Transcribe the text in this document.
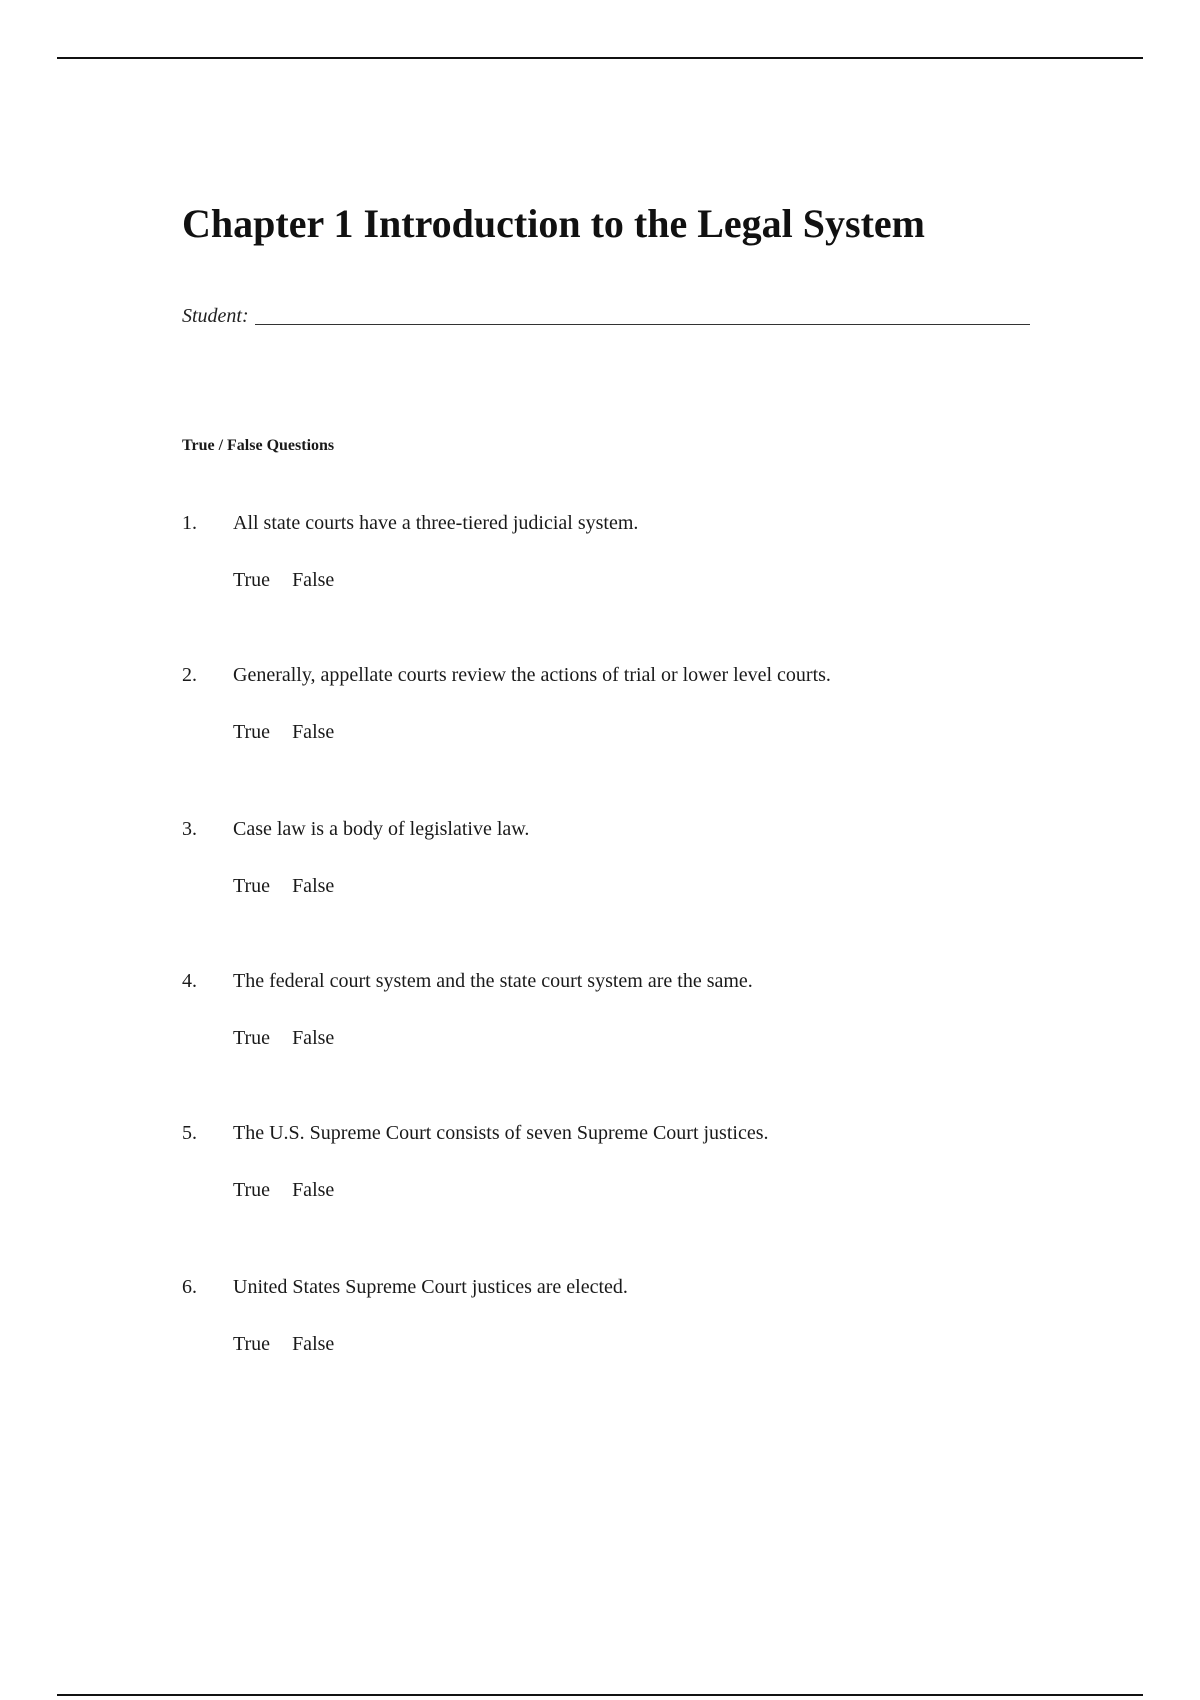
Chapter 1 Introduction to the Legal System
Student:
True / False Questions
1.	All state courts have a three-tiered judicial system.
True False
2.	Generally, appellate courts review the actions of trial or lower level courts.
True False
3.	Case law is a body of legislative law.
True False
4.	The federal court system and the state court system are the same.
True False
5.	The U.S. Supreme Court consists of seven Supreme Court justices.
True False
6.	United States Supreme Court justices are elected.
True False
